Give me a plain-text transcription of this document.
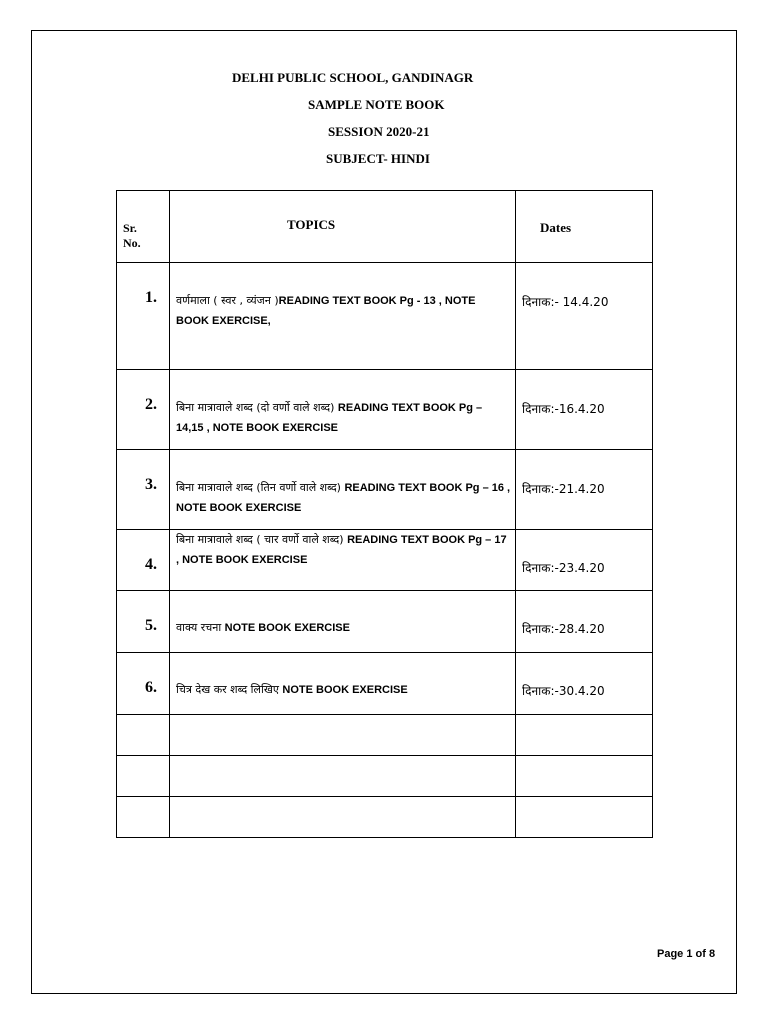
DELHI PUBLIC SCHOOL, GANDINAGR
SAMPLE NOTE BOOK
SESSION 2020-21
SUBJECT- HINDI
Sr.
No.	TOPICS	Dates
1.	वर्णमाला ( स्वर , व्यंजन )READING TEXT BOOK Pg - 13 , NOTE BOOK EXERCISE,	दिनाक:- 14.4.20
2.	बिना मात्रावाले शब्द (दो वर्णो वाले शब्द) READING TEXT BOOK Pg – 14,15 , NOTE BOOK EXERCISE	दिनाक:-16.4.20
3.	बिना मात्रावाले शब्द (तिन वर्णो वाले शब्द) READING TEXT BOOK Pg – 16 , NOTE BOOK EXERCISE	दिनाक:-21.4.20
4.	बिना मात्रावाले शब्द ( चार वर्णो वाले शब्द) READING TEXT BOOK Pg – 17 , NOTE BOOK EXERCISE	दिनाक:-23.4.20
5.	वाक्य रचना NOTE BOOK EXERCISE	दिनाक:-28.4.20
6.	चित्र देख कर शब्द लिखिए NOTE BOOK EXERCISE	दिनाक:-30.4.20

Page 1 of 8
